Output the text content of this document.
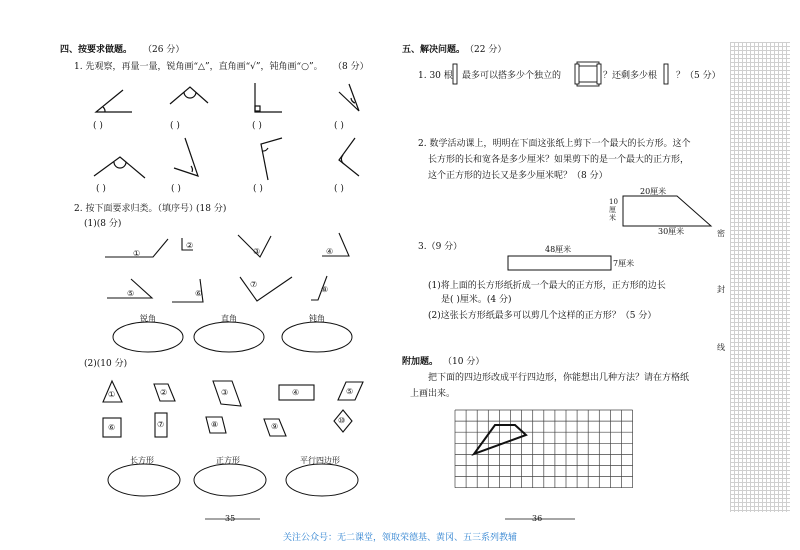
四、按要求做题。 （26 分）
1. 先观察，再量一量，锐角画“△”，直角画“√”，钝角画“○”。 （8 分）
( )	( )	( )	( )
( )	( )	( )	( )
2. 按下面要求归类。（填序号）
(18 分)
(1)(8 分)
①
②
③	④
⑤	⑥
⑦
⑧
锐角	直角	钝角
(2)(10 分)
①	②	③	④	⑤
⑥	⑦	⑧	⑨
⑩
长方形	正方形	平行四边形
35
五、解决问题。 （22 分）
1. 30 根 最多可以搭多少个独立的	？还剩多少根 ？（5 分）
2. 数学活动课上，明明在下面这张纸上剪下一个最大的长方形。这个
长方形的长和宽各是多少厘米？如果剪下的是一个最大的正方形，
这个正方形的边长又是多少厘米呢？（8 分）
20厘米
10厘米
30厘米
3.（9 分）	48厘米
7厘米
(1)将上面的长方形纸折成一个最大的正方形，正方形的边长
是( )厘米。(4 分)
(2)这张长方形纸最多可以剪几个这样的正方形？（5 分）
附加题。 （10 分）
把下面的四边形改成平行四边形，你能想出几种方法？请在方格纸
上画出来。
36
密
封
线
关注公众号：无二课堂，领取荣德基、黄冈、五三系列教辅
